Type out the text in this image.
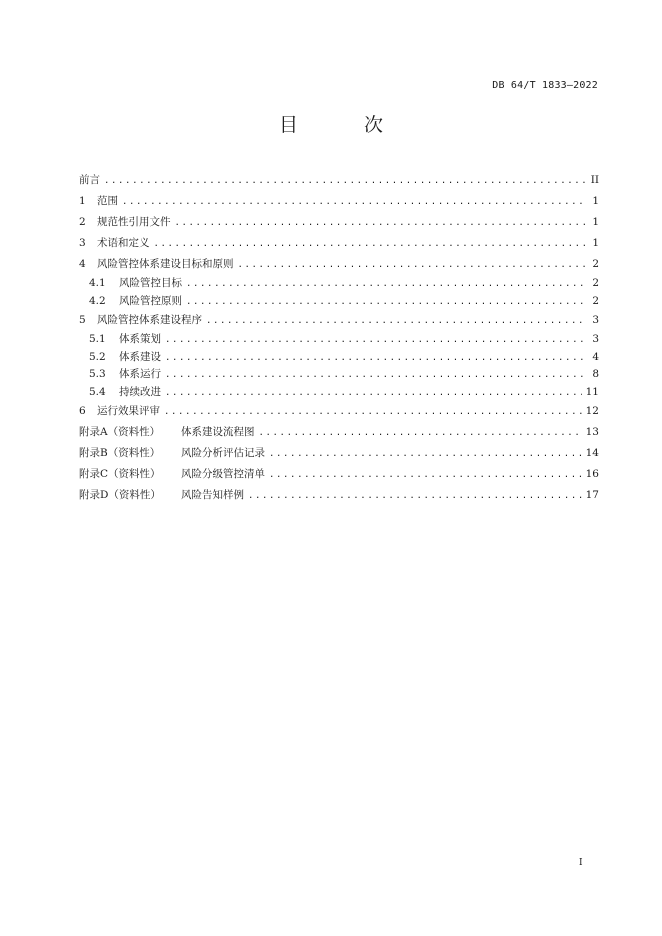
DB 64/T 1833—2022
目 次
前言 .....	II
1	范围 .....	1
2	规范性引用文件 .....	1
3	术语和定义 .....	1
4	风险管控体系建设目标和原则 .....	2
4.1	风险管控目标 .....	2
4.2	风险管控原则 .....	2
5	风险管控体系建设程序 .....	3
5.1	体系策划 .....	3
5.2	体系建设 .....	4
5.3	体系运行 .....	8
5.4	持续改进 .....	11
6	运行效果评审 .....	12
附录A（资料性）	体系建设流程图 .....	13
附录B（资料性）	风险分析评估记录 .....	14
附录C（资料性）	风险分级管控清单 .....	16
附录D（资料性）	风险告知样例 .....	17
I
